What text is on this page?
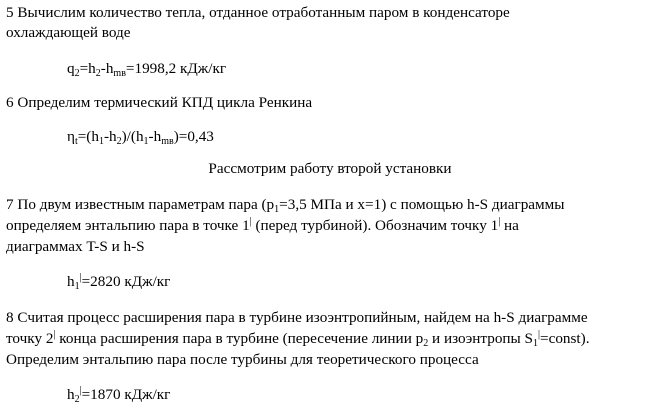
5 Вычислим количество тепла, отданное отработанным паром в конденсаторе
охлаждающей воде
$q_2=h_2-h_{mв}=1998,2$ кДж/кг
6 Определим термический КПД цикла Ренкина
$\eta_t=(h_1-h_2)/(h_1-h_{mв})=0,43$
Рассмотрим работу второй установки
7 По двум известным параметрам пара ($p_1=3,5$ МПа и x=1) с помощью h-S диаграммы
определяем энтальпию пара в точке 1| (перед турбиной). Обозначим точку 1| на
диаграммах T-S и h-S
$h_1^|=2820$ кДж/кг
8 Считая процесс расширения пара в турбине изоэнтропийным, найдем на h-S диаграмме
точку 2| конца расширения пара в турбине (пересечение линии $p_2$ и изоэнтропы $S_1^|=const$).
Определим энтальпию пара после турбины для теоретического процесса
$h_2^|=1870$ кДж/кг
